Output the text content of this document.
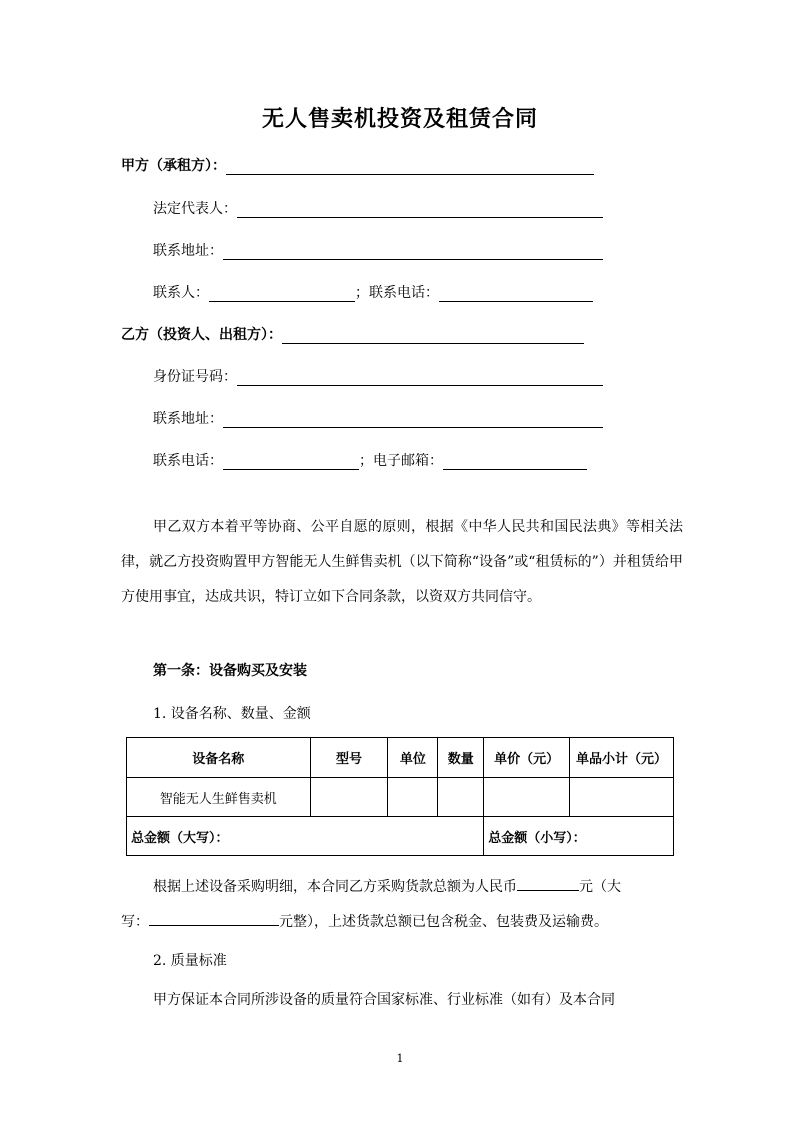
无人售卖机投资及租赁合同
甲方（承租方）：
法定代表人：
联系地址：
联系人：	；联系电话：
乙方（投资人、出租方）：
身份证号码：
联系地址：
联系电话：	；电子邮箱：
甲乙双方本着平等协商、公平自愿的原则，根据《中华人民共和国民法典》等相关法律，就乙方投资购置甲方智能无人生鲜售卖机（以下简称“设备”或“租赁标的”）并租赁给甲方使用事宜，达成共识，特订立如下合同条款，以资双方共同信守。
第一条：设备购买及安装
1. 设备名称、数量、金额
设备名称	型号	单位	数量	单价（元）	单品小计（元）
智能无人生鲜售卖机					
总金额（大写）：				总金额（小写）：	
根据上述设备采购明细，本合同乙方采购货款总额为人民币	元（大
写：	元整），上述货款总额已包含税金、包装费及运输费。
2. 质量标准
甲方保证本合同所涉设备的质量符合国家标准、行业标准（如有）及本合同
1
